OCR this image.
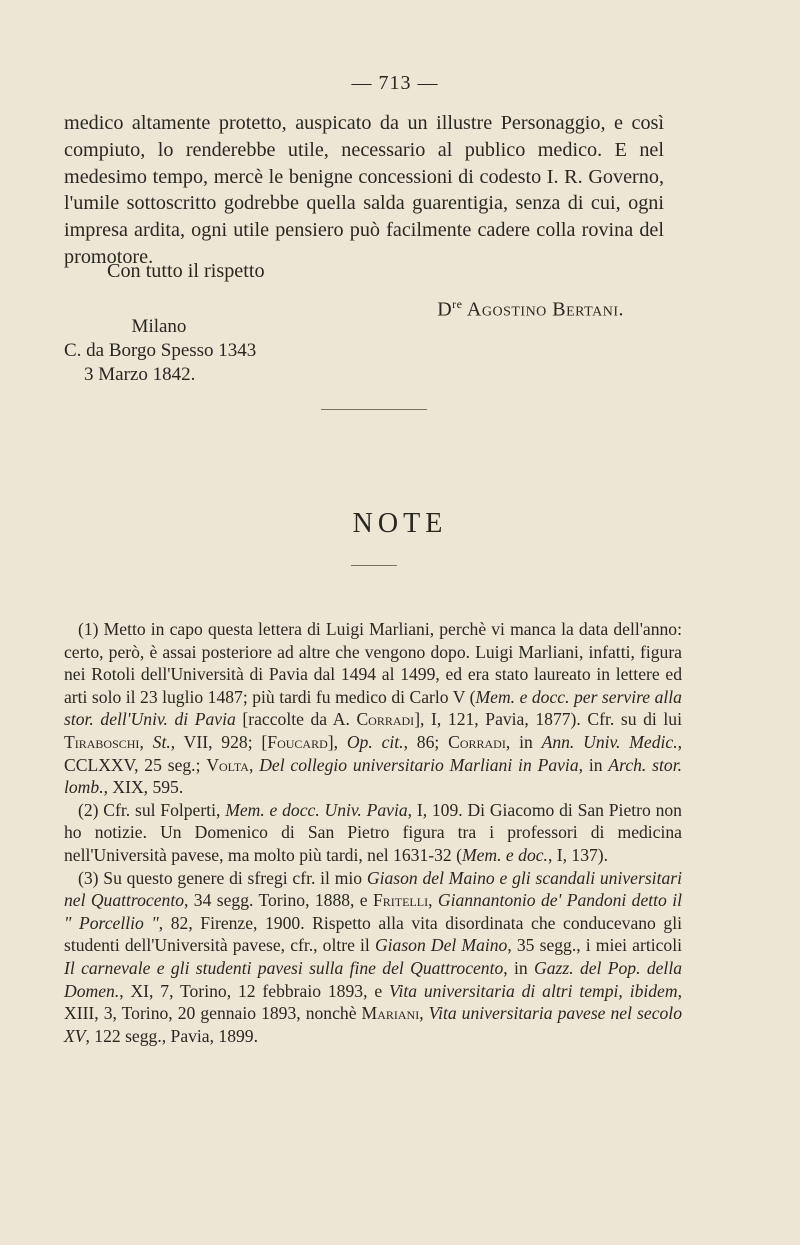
— 713 —

medico altamente protetto, auspicato da un illustre Personaggio, e così compiuto, lo renderebbe utile, necessario al publico medico. E nel medesimo tempo, mercè le benigne concessioni di codesto I. R. Governo, l'umile sottoscritto godrebbe quella salda guarentigia, senza di cui, ogni impresa ardita, ogni utile pensiero può facilmente cadere colla rovina del promotore.

Con tutto il rispetto
Dre Agostino Bertani.
Milano
C. da Borgo Spesso 1343
3 Marzo 1842.
NOTE

(1) Metto in capo questa lettera di Luigi Marliani, perchè vi manca la data dell'anno: certo, però, è assai posteriore ad altre che vengono dopo. Luigi Marliani, infatti, figura nei Rotoli dell'Università di Pavia dal 1494 al 1499, ed era stato laureato in lettere ed arti solo il 23 luglio 1487; più tardi fu medico di Carlo V (Mem. e docc. per servire alla stor. dell'Univ. di Pavia [raccolte da A. Corradi], I, 121, Pavia, 1877). Cfr. su di lui Tiraboschi, St., VII, 928; [Foucard], Op. cit., 86; Corradi, in Ann. Univ. Medic., CCLXXV, 25 seg.; Volta, Del collegio universitario Marliani in Pavia, in Arch. stor. lomb., XIX, 595.

(2) Cfr. sul Folperti, Mem. e docc. Univ. Pavia, I, 109. Di Giacomo di San Pietro non ho notizie. Un Domenico di San Pietro figura tra i professori di medicina nell'Università pavese, ma molto più tardi, nel 1631-32 (Mem. e doc., I, 137).

(3) Su questo genere di sfregi cfr. il mio Giason del Maino e gli scandali universitari nel Quattrocento, 34 segg. Torino, 1888, e Fritelli, Giannantonio de' Pandoni detto il " Porcellio ", 82, Firenze, 1900. Rispetto alla vita disordinata che conducevano gli studenti dell'Università pavese, cfr., oltre il Giason Del Maino, 35 segg., i miei articoli Il carnevale e gli studenti pavesi sulla fine del Quattrocento, in Gazz. del Pop. della Domen., XI, 7, Torino, 12 febbraio 1893, e Vita universitaria di altri tempi, ibidem, XIII, 3, Torino, 20 gennaio 1893, nonchè Mariani, Vita universitaria pavese nel secolo XV, 122 segg., Pavia, 1899.
